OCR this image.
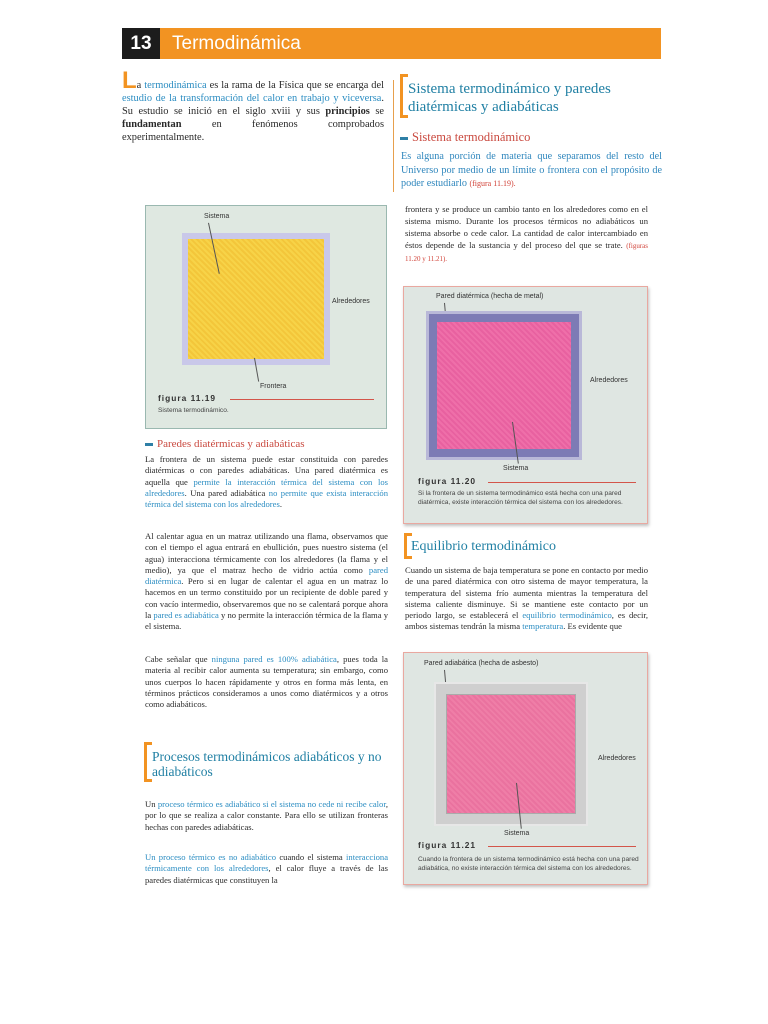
13	Termodinámica
La termodinámica es la rama de la Física que se encarga del estudio de la transformación del calor en trabajo y viceversa. Su estudio se inició en el siglo xviii y sus principios se fundamentan en fenómenos comprobados experimentalmente.
Sistema termodinámico y paredes diatérmicas y adiabáticas
Sistema termodinámico
Es alguna porción de materia que separamos del resto del Universo por medio de un límite o frontera con el propósito de poder estudiarlo (figura 11.19).
frontera y se produce un cambio tanto en los alrededores como en el sistema mismo. Durante los procesos térmicos no adiabáticos un sistema absorbe o cede calor. La cantidad de calor intercambiado en éstos depende de la sustancia y del proceso del que se trate. (figuras 11.20 y 11.21).
Sistema
Alrededores
Frontera
figura 11.19
Sistema termodinámico.
Pared diatérmica (hecha de metal)
Alrededores
Sistema
figura 11.20
Si la frontera de un sistema termodinámico está hecha con una pared diatérmica, existe interacción térmica del sistema con los alrededores.
Paredes diatérmicas y adiabáticas
La frontera de un sistema puede estar constituida con paredes diatérmicas o con paredes adiabáticas. Una pared diatérmica es aquella que permite la interacción térmica del sistema con los alrededores. Una pared adiabática no permite que exista interacción térmica del sistema con los alrededores.
Al calentar agua en un matraz utilizando una flama, observamos que con el tiempo el agua entrará en ebullición, pues nuestro sistema (el agua) interacciona térmicamente con los alrededores (la flama y el medio), ya que el matraz hecho de vidrio actúa como pared diatérmica. Pero si en lugar de calentar el agua en un matraz lo hacemos en un termo constituido por un recipiente de doble pared y con vacío intermedio, observaremos que no se calentará porque ahora la pared es adiabática y no permite la interacción térmica de la flama y el sistema.
Cabe señalar que ninguna pared es 100% adiabática, pues toda la materia al recibir calor aumenta su temperatura; sin embargo, como unos cuerpos lo hacen rápidamente y otros en forma más lenta, en términos prácticos consideramos a unos como diatérmicos y a otros como adiabáticos.
Procesos termodinámicos adiabáticos y no adiabáticos
Un proceso térmico es adiabático si el sistema no cede ni recibe calor, por lo que se realiza a calor constante. Para ello se utilizan fronteras hechas con paredes adiabáticas.
Un proceso térmico es no adiabático cuando el sistema interacciona térmicamente con los alrededores, el calor fluye a través de las paredes diatérmicas que constituyen la
Equilibrio termodinámico
Cuando un sistema de baja temperatura se pone en contacto por medio de una pared diatérmica con otro sistema de mayor temperatura, la temperatura del sistema frío aumenta mientras la temperatura del sistema caliente disminuye. Si se mantiene este contacto por un periodo largo, se establecerá el equilibrio termodinámico, es decir, ambos sistemas tendrán la misma temperatura. Es evidente que
Pared adiabática (hecha de asbesto)
Alrededores
Sistema
figura 11.21
Cuando la frontera de un sistema termodinámico está hecha con una pared adiabática, no existe interacción térmica del sistema con los alrededores.
